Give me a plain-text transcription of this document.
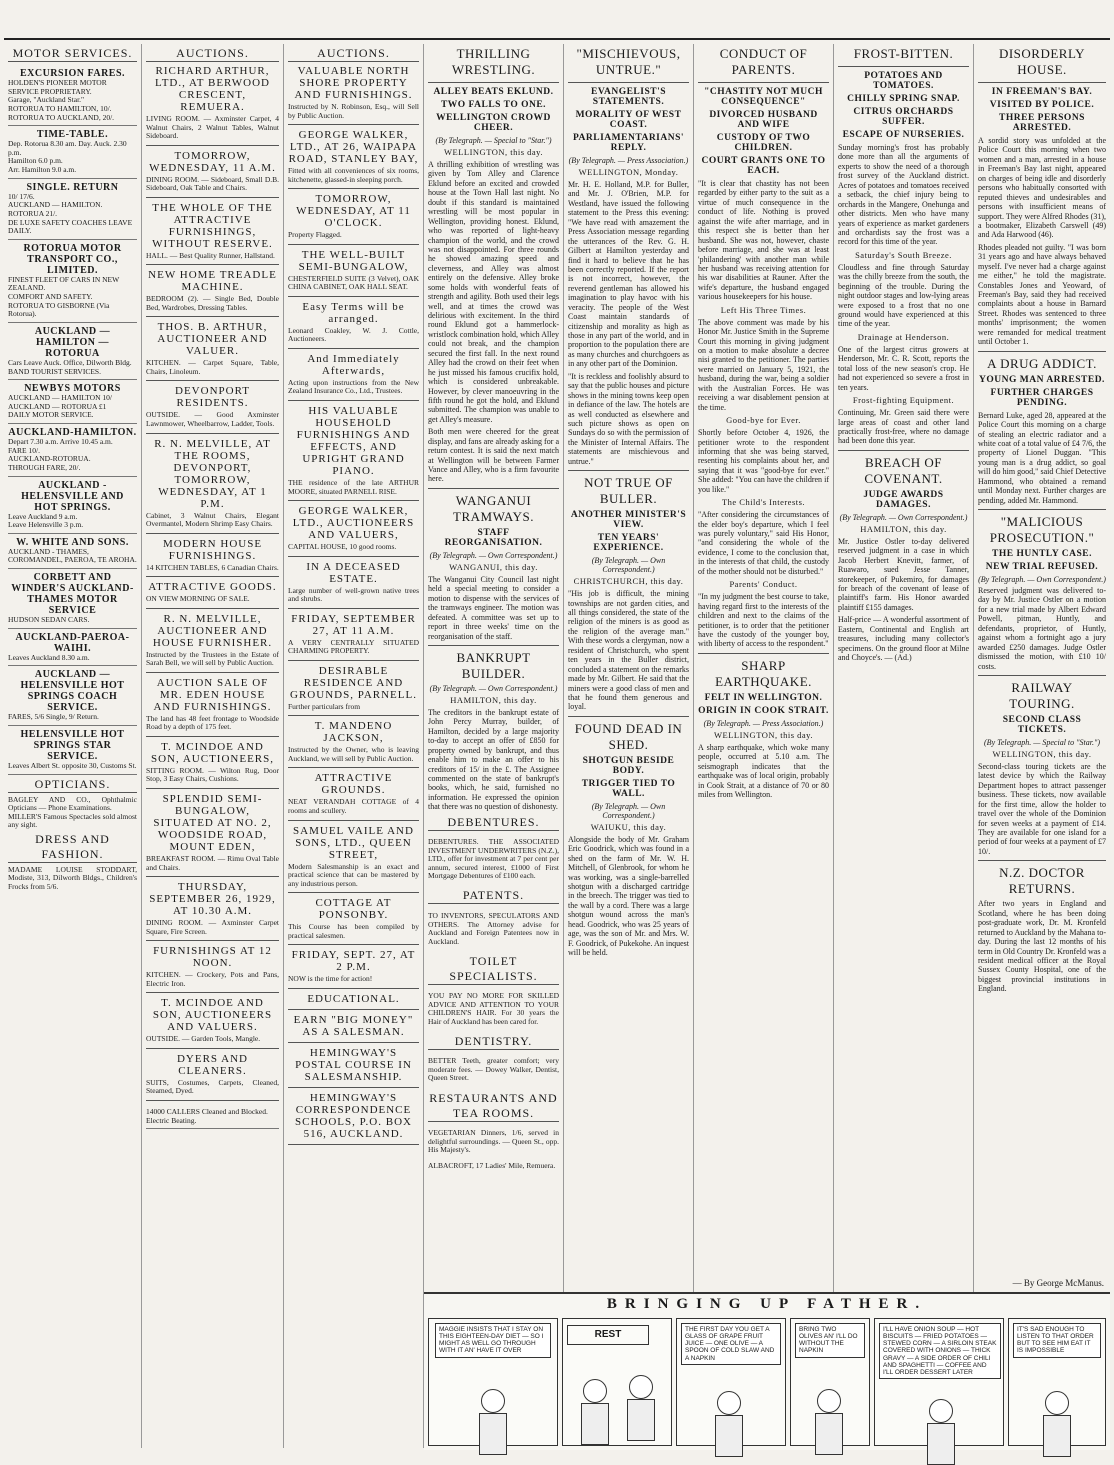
MOTOR SERVICES.
EXCURSION FARES.
HOLDEN'S PIONEER MOTOR SERVICE PROPRIETARY.
Garage, "Auckland Star."
ROTORUA TO HAMILTON, 10/.
ROTORUA TO AUCKLAND, 20/.
TIME-TABLE.
Dep. Rotorua 8.30 am. Day. Auck. 2.30 p.m.
Hamilton 6.0 p.m.
Arr. Hamilton 9.0 a.m.
SINGLE. RETURN
10/ 17/6.
AUCKLAND — HAMILTON.
ROTORUA 21/.
DE LUXE SAFETY COACHES LEAVE DAILY.
ROTORUA MOTOR TRANSPORT CO., LIMITED.
FINEST FLEET OF CARS IN NEW ZEALAND.
COMFORT AND SAFETY.
ROTORUA TO GISBORNE (Via Rotorua).
AUCKLAND — HAMILTON — ROTORUA
Cars Leave Auck. Office, Dilworth Bldg.
BAND TOURIST SERVICES.
NEWBYS MOTORS
AUCKLAND — HAMILTON 10/
AUCKLAND — ROTORUA £1
DAILY MOTOR SERVICE.
AUCKLAND-HAMILTON.
Depart 7.30 a.m. Arrive 10.45 a.m.
FARE 10/.
AUCKLAND-ROTORUA.
THROUGH FARE, 20/.
AUCKLAND - HELENSVILLE AND HOT SPRINGS.
Leave Auckland 9 a.m.
Leave Helensville 3 p.m.
W. WHITE AND SONS.
AUCKLAND - THAMES, COROMANDEL, PAEROA, TE AROHA.
CORBETT AND WINDER'S AUCKLAND-THAMES MOTOR SERVICE
HUDSON SEDAN CARS.
AUCKLAND-PAEROA-WAIHI.
Leaves Auckland 8.30 a.m.
AUCKLAND — HELENSVILLE HOT SPRINGS COACH SERVICE.
FARES, 5/6 Single, 9/ Return.
HELENSVILLE HOT SPRINGS STAR SERVICE.
Leaves Albert St. opposite 30, Customs St.
OPTICIANS.
BAGLEY AND CO., Ophthalmic Opticians — Phone Examinations.
MILLER'S Famous Spectacles sold almost any sight.
DRESS AND FASHION.
MADAME LOUISE STODDART, Modiste, 313, Dilworth Bldgs., Children's Frocks from 5/6.
AUCTIONS.
RICHARD ARTHUR, LTD., AT BERWOOD CRESCENT, REMUERA.
LIVING ROOM. — Axminster Carpet, 4 Walnut Chairs, 2 Walnut Tables, Walnut Sideboard.
TOMORROW, WEDNESDAY, 11 A.M.
DINING ROOM. — Sideboard, Small D.B. Sideboard, Oak Table and Chairs.
THE WHOLE OF THE ATTRACTIVE FURNISHINGS, WITHOUT RESERVE.
HALL. — Best Quality Runner, Hallstand.
NEW HOME TREADLE MACHINE.
BEDROOM (2). — Single Bed, Double Bed, Wardrobes, Dressing Tables.
THOS. B. ARTHUR, AUCTIONEER AND VALUER.
KITCHEN. — Carpet Square, Table, Chairs, Linoleum.
DEVONPORT RESIDENTS.
OUTSIDE. — Good Axminster Lawnmower, Wheelbarrow, Ladder, Tools.
R. N. MELVILLE, AT THE ROOMS, DEVONPORT, TOMORROW, WEDNESDAY, AT 1 P.M.
Cabinet, 3 Walnut Chairs, Elegant Overmantel, Modern Shrimp Easy Chairs.
MODERN HOUSE FURNISHINGS.
14 KITCHEN TABLES, 6 Canadian Chairs.
ATTRACTIVE GOODS.
ON VIEW MORNING OF SALE.
R. N. MELVILLE, AUCTIONEER AND HOUSE FURNISHER.
Instructed by the Trustees in the Estate of Sarah Bell, we will sell by Public Auction.
AUCTION SALE OF MR. EDEN HOUSE AND FURNISHINGS.
The land has 48 feet frontage to Woodside Road by a depth of 175 feet.
T. MCINDOE AND SON, AUCTIONEERS,
SITTING ROOM. — Wilton Rug, Door Stop, 3 Easy Chairs, Cushions.
SPLENDID SEMI-BUNGALOW, SITUATED AT NO. 2, WOODSIDE ROAD, MOUNT EDEN,
BREAKFAST ROOM. — Rimu Oval Table and Chairs.
THURSDAY, SEPTEMBER 26, 1929, AT 10.30 A.M.
DINING ROOM. — Axminster Carpet Square, Fire Screen.
FURNISHINGS AT 12 NOON.
KITCHEN. — Crockery, Pots and Pans, Electric Iron.
T. MCINDOE AND SON, AUCTIONEERS AND VALUERS.
OUTSIDE. — Garden Tools, Mangle.
DYERS AND CLEANERS.
SUITS, Costumes, Carpets, Cleaned, Steamed, Dyed.
14000 CALLERS Cleaned and Blocked. Electric Beating.
AUCTIONS.
VALUABLE NORTH SHORE PROPERTY AND FURNISHINGS.
Instructed by N. Robinson, Esq., will Sell by Public Auction.
GEORGE WALKER, LTD., AT 26, WAIPAPA ROAD, STANLEY BAY,
Fitted with all conveniences of six rooms, kitchenette, glassed-in sleeping porch.
TOMORROW, WEDNESDAY, AT 11 O'CLOCK.
Property Flagged.
THE WELL-BUILT SEMI-BUNGALOW,
CHESTERFIELD SUITE (3 Velvet), OAK CHINA CABINET, OAK HALL SEAT.
Easy Terms will be arranged.
Leonard Coakley, W. J. Cottle, Auctioneers.
And Immediately Afterwards,
Acting upon instructions from the New Zealand Insurance Co., Ltd., Trustees.
HIS VALUABLE HOUSEHOLD FURNISHINGS AND EFFECTS, AND UPRIGHT GRAND PIANO.
THE residence of the late ARTHUR MOORE, situated PARNELL RISE.
GEORGE WALKER, LTD., AUCTIONEERS AND VALUERS,
CAPITAL HOUSE, 10 good rooms.
IN A DECEASED ESTATE.
Large number of well-grown native trees and shrubs.
FRIDAY, SEPTEMBER 27, AT 11 A.M.
A VERY CENTRALLY SITUATED CHARMING PROPERTY.
DESIRABLE RESIDENCE AND GROUNDS, PARNELL.
Further particulars from
T. MANDENO JACKSON,
Instructed by the Owner, who is leaving Auckland, we will sell by Public Auction.
ATTRACTIVE GROUNDS.
NEAT VERANDAH COTTAGE of 4 rooms and scullery.
SAMUEL VAILE AND SONS, LTD., QUEEN STREET,
Modern Salesmanship is an exact and practical science that can be mastered by any industrious person.
COTTAGE AT PONSONBY.
This Course has been compiled by practical salesmen.
FRIDAY, SEPT. 27, AT 2 P.M.
NOW is the time for action!
EDUCATIONAL.
EARN "BIG MONEY" AS A SALESMAN.
HEMINGWAY'S POSTAL COURSE IN SALESMANSHIP.
HEMINGWAY'S CORRESPONDENCE SCHOOLS, P.O. BOX 516, AUCKLAND.
THRILLING WRESTLING.
ALLEY BEATS EKLUND.
TWO FALLS TO ONE.
WELLINGTON CROWD CHEER.
(By Telegraph. — Special to "Star.")
WELLINGTON, this day.

A thrilling exhibition of wrestling was given by Tom Alley and Clarence Eklund before an excited and crowded house at the Town Hall last night. No doubt if this standard is maintained wrestling will be most popular in Wellington, providing honest. Eklund, who was reported of light-heavy champion of the world, and the crowd was not disappointed. For three rounds he showed amazing speed and cleverness, and Alley was almost entirely on the defensive. Alley broke some holds with wonderful feats of strength and agility. Both used their legs well, and at times the crowd was delirious with excitement. In the third round Eklund got a hammerlock-wristlock combination hold, which Alley could not break, and the champion secured the first fall. In the next round Alley had the crowd on their feet when he just missed his famous crucifix hold, which is considered unbreakable. However, by clever manoeuvring in the fifth round he got the hold, and Eklund submitted. The champion was unable to get Alley's measure.

Both men were cheered for the great display, and fans are already asking for a return contest. It is said the next match at Wellington will be between Farmer Vance and Alley, who is a firm favourite here.

WANGANUI TRAMWAYS.
STAFF REORGANISATION.
(By Telegraph. — Own Correspondent.)
WANGANUI, this day.

The Wanganui City Council last night held a special meeting to consider a motion to dispense with the services of the tramways engineer. The motion was defeated. A committee was set up to report in three weeks' time on the reorganisation of the staff.

BANKRUPT BUILDER.
(By Telegraph. — Own Correspondent.)
HAMILTON, this day.

The creditors in the bankrupt estate of John Percy Murray, builder, of Hamilton, decided by a large majority to-day to accept an offer of £850 for property owned by bankrupt, and thus enable him to make an offer to his creditors of 15/ in the £. The Assignee commented on the state of bankrupt's books, which, he said, furnished no information. He expressed the opinion that there was no question of dishonesty.

DEBENTURES.

DEBENTURES. THE ASSOCIATED INVESTMENT UNDERWRITERS (N.Z.), LTD., offer for investment at 7 per cent per annum, secured interest, £1000 of First Mortgage Debentures of £100 each.

PATENTS.

TO INVENTORS, SPECULATORS AND OTHERS. The Attorney advise for Auckland and Foreign Patentees now in Auckland.

TOILET SPECIALISTS.

YOU PAY NO MORE FOR SKILLED ADVICE AND ATTENTION TO YOUR CHILDREN'S HAIR. For 30 years the Hair of Auckland has been cared for.

DENTISTRY.

BETTER Teeth, greater comfort; very moderate fees. — Dowey Walker, Dentist, Queen Street.

RESTAURANTS AND TEA ROOMS.

VEGETARIAN Dinners, 1/6, served in delightful surroundings. — Queen St., opp. His Majesty's.

ALBACROFT, 17 Ladies' Mile, Remuera.

"MISCHIEVOUS, UNTRUE."
EVANGELIST'S STATEMENTS.
MORALITY OF WEST COAST.
PARLIAMENTARIANS' REPLY.
(By Telegraph. — Press Association.)
WELLINGTON, Monday.

Mr. H. E. Holland, M.P. for Buller, and Mr. J. O'Brien, M.P. for Westland, have issued the following statement to the Press this evening: "We have read with amazement the Press Association message regarding the utterances of the Rev. G. H. Gilbert at Hamilton yesterday and find it hard to believe that he has been correctly reported. If the report is not incorrect, however, the reverend gentleman has allowed his imagination to play havoc with his veracity. The people of the West Coast maintain standards of citizenship and morality as high as those in any part of the world, and in proportion to the population there are as many churches and churchgoers as in any other part of the Dominion.

"It is reckless and foolishly absurd to say that the public houses and picture shows in the mining towns keep open in defiance of the law. The hotels are as well conducted as elsewhere and such picture shows as open on Sundays do so with the permission of the Minister of Internal Affairs. The statements are mischievous and untrue."

NOT TRUE OF BULLER.
ANOTHER MINISTER'S VIEW.
TEN YEARS' EXPERIENCE.
(By Telegraph. — Own Correspondent.)
CHRISTCHURCH, this day.

"His job is difficult, the mining townships are not garden cities, and all things considered, the state of the religion of the miners is as good as the religion of the average man." With these words a clergyman, now a resident of Christchurch, who spent ten years in the Buller district, concluded a statement on the remarks made by Mr. Gilbert. He said that the miners were a good class of men and that he found them generous and loyal.

FOUND DEAD IN SHED.
SHOTGUN BESIDE BODY.
TRIGGER TIED TO WALL.
(By Telegraph. — Own Correspondent.)
WAIUKU, this day.

Alongside the body of Mr. Graham Eric Goodrick, which was found in a shed on the farm of Mr. W. H. Mitchell, of Glenbrook, for whom he was working, was a single-barrelled shotgun with a discharged cartridge in the breech. The trigger was tied to the wall by a cord. There was a large shotgun wound across the man's head. Goodrick, who was 25 years of age, was the son of Mr. and Mrs. W. F. Goodrick, of Pukekohe. An inquest will be held.

CONDUCT OF PARENTS.
"CHASTITY NOT MUCH CONSEQUENCE"
DIVORCED HUSBAND AND WIFE
CUSTODY OF TWO CHILDREN.
COURT GRANTS ONE TO EACH.

"It is clear that chastity has not been regarded by either party to the suit as a virtue of much consequence in the conduct of life. Nothing is proved against the wife after marriage, and in this respect she is better than her husband. She was not, however, chaste before marriage, and she was at least 'philandering' with another man while her husband was receiving attention for his war disabilities at Rauner. After the wife's departure, the husband engaged various housekeepers for his house.

Left His Three Times.

The above comment was made by his Honor Mr. Justice Smith in the Supreme Court this morning in giving judgment on a motion to make absolute a decree nisi granted to the petitioner. The parties were married on January 5, 1921, the husband, during the war, being a soldier with the Australian Forces. He was receiving a war disablement pension at the time.

Good-bye for Ever.

Shortly before October 4, 1926, the petitioner wrote to the respondent informing that she was being starved, resenting his complaints about her, and saying that it was "good-bye for ever." She added: "You can have the children if you like."

The Child's Interests.

"After considering the circumstances of the elder boy's departure, which I feel was purely voluntary," said His Honor, "and considering the whole of the evidence, I come to the conclusion that, in the interests of that child, the custody of the mother should not be disturbed."

Parents' Conduct.

"In my judgment the best course to take, having regard first to the interests of the children and next to the claims of the petitioner, is to order that the petitioner have the custody of the younger boy, with liberty of access to the respondent."

SHARP EARTHQUAKE.
FELT IN WELLINGTON.
ORIGIN IN COOK STRAIT.
(By Telegraph. — Press Association.)
WELLINGTON, this day.

A sharp earthquake, which woke many people, occurred at 5.10 a.m. The seismograph indicates that the earthquake was of local origin, probably in Cook Strait, at a distance of 70 or 80 miles from Wellington.

FROST-BITTEN.
POTATOES AND TOMATOES.
CHILLY SPRING SNAP.
CITRUS ORCHARDS SUFFER.
ESCAPE OF NURSERIES.

Sunday morning's frost has probably done more than all the arguments of experts to show the need of a thorough frost survey of the Auckland district. Acres of potatoes and tomatoes received a setback, the chief injury being to orchards in the Mangere, Onehunga and other districts. Men who have many years of experience as market gardeners and orchardists say the frost was a record for this time of the year.

Saturday's South Breeze.

Cloudless and fine through Saturday was the chilly breeze from the south, the beginning of the trouble. During the night outdoor stages and low-lying areas were exposed to a frost that no one ground would have experienced at this time of the year.

Drainage at Henderson.

One of the largest citrus growers at Henderson, Mr. C. R. Scott, reports the total loss of the new season's crop. He had not experienced so severe a frost in ten years.

Frost-fighting Equipment.

Continuing, Mr. Green said there were large areas of coast and other land practically frost-free, where no damage had been done this year.

BREACH OF COVENANT.
JUDGE AWARDS DAMAGES.
(By Telegraph. — Own Correspondent.)
HAMILTON, this day.

Mr. Justice Ostler to-day delivered reserved judgment in a case in which Jacob Herbert Knevitt, farmer, of Ruawaro, sued Jesse Tanner, storekeeper, of Pukemiro, for damages for breach of the covenant of lease of plaintiff's farm. His Honor awarded plaintiff £155 damages.

Half-price — A wonderful assortment of Eastern, Continental and English art treasures, including many collector's specimens. On the ground floor at Milne and Choyce's. — (Ad.)

DISORDERLY HOUSE.
IN FREEMAN'S BAY.
VISITED BY POLICE.
THREE PERSONS ARRESTED.

A sordid story was unfolded at the Police Court this morning when two women and a man, arrested in a house in Freeman's Bay last night, appeared on charges of being idle and disorderly persons who habitually consorted with reputed thieves and undesirables and persons with insufficient means of support. They were Alfred Rhodes (31), a bootmaker, Elizabeth Carswell (49) and Ada Harwood (46).

Rhodes pleaded not guilty. "I was born 31 years ago and have always behaved myself. I've never had a charge against me either," he told the magistrate. Constables Jones and Yeoward, of Freeman's Bay, said they had received complaints about a house in Barnard Street. Rhodes was sentenced to three months' imprisonment; the women were remanded for medical treatment until October 1.

A DRUG ADDICT.
YOUNG MAN ARRESTED.
FURTHER CHARGES PENDING.

Bernard Luke, aged 28, appeared at the Police Court this morning on a charge of stealing an electric radiator and a white coat of a total value of £4 7/6, the property of Lionel Duggan. "This young man is a drug addict, so goal will do him good," said Chief Detective Hammond, who obtained a remand until Monday next. Further charges are pending, added Mr. Hammond.

"MALICIOUS PROSECUTION."
THE HUNTLY CASE.
NEW TRIAL REFUSED.
(By Telegraph. — Own Correspondent.)

Reserved judgment was delivered to-day by Mr. Justice Ostler on a motion for a new trial made by Albert Edward Powell, pitman, Huntly, and defendants, proprietor, of Huntly, against whom a fortnight ago a jury awarded £250 damages. Judge Ostler dismissed the motion, with £10 10/ costs.

RAILWAY TOURING.
SECOND CLASS TICKETS.
(By Telegraph. — Special to "Star.")
WELLINGTON, this day.

Second-class touring tickets are the latest device by which the Railway Department hopes to attract passenger business. These tickets, now available for the first time, allow the holder to travel over the whole of the Dominion for seven weeks at a payment of £14. They are available for one island for a period of four weeks at a payment of £7 10/.

N.Z. DOCTOR RETURNS.

After two years in England and Scotland, where he has been doing post-graduate work, Dr. M. Kronfeld returned to Auckland by the Mahana to-day. During the last 12 months of his term in Old Country Dr. Kronfeld was a resident medical officer at the Royal Sussex County Hospital, one of the biggest provincial institutions in England.

— By George McManus.
BRINGING UP FATHER.
MAGGIE INSISTS THAT I STAY ON THIS EIGHTEEN-DAY DIET — SO I MIGHT AS WELL GO THROUGH WITH IT AN' HAVE IT OVER
REST	THE FIRST DAY YOU GET A GLASS OF GRAPE FRUIT JUICE — ONE OLIVE — A SPOON OF COLD SLAW AND A NAPKIN
BRING TWO OLIVES AN' I'LL DO WITHOUT THE NAPKIN
I'LL HAVE ONION SOUP — HOT BISCUITS — FRIED POTATOES — STEWED CORN — A SIRLOIN STEAK COVERED WITH ONIONS — THICK GRAVY — A SIDE ORDER OF CHILI AND SPAGHETTI — COFFEE AND I'LL ORDER DESSERT LATER
IT'S SAD ENOUGH TO LISTEN TO THAT ORDER BUT TO SEE HIM EAT IT IS IMPOSSIBLE
